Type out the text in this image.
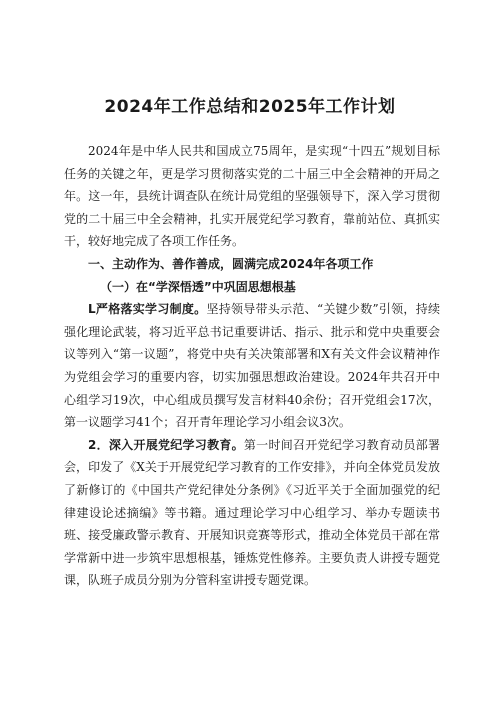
2024年工作总结和2025年工作计划

2024年是中华人民共和国成立75周年，是实现“十四五”规划目标任务的关键之年，更是学习贯彻落实党的二十届三中全会精神的开局之年。这一年，县统计调查队在统计局党组的坚强领导下，深入学习贯彻党的二十届三中全会精神，扎实开展党纪学习教育，靠前站位、真抓实干，较好地完成了各项工作任务。

一、主动作为、善作善成，圆满完成2024年各项工作

（一）在“学深悟透”中巩固思想根基

L严格落实学习制度。坚持领导带头示范、“关键少数”引领，持续强化理论武装，将习近平总书记重要讲话、指示、批示和党中央重要会议等列入“第一议题”，将党中央有关决策部署和X有关文件会议精神作为党组会学习的重要内容，切实加强思想政治建设。2024年共召开中心组学习19次，中心组成员撰写发言材料40余份；召开党组会17次，第一议题学习41个；召开青年理论学习小组会议3次。

2．深入开展党纪学习教育。第一时间召开党纪学习教育动员部署会，印发了《X关于开展党纪学习教育的工作安排》，并向全体党员发放了新修订的《中国共产党纪律处分条例》《习近平关于全面加强党的纪律建设论述摘编》等书籍。通过理论学习中心组学习、举办专题读书班、接受廉政警示教育、开展知识竞赛等形式，推动全体党员干部在常学常新中进一步筑牢思想根基，锤炼党性修养。主要负责人讲授专题党课，队班子成员分别为分管科室讲授专题党课。
